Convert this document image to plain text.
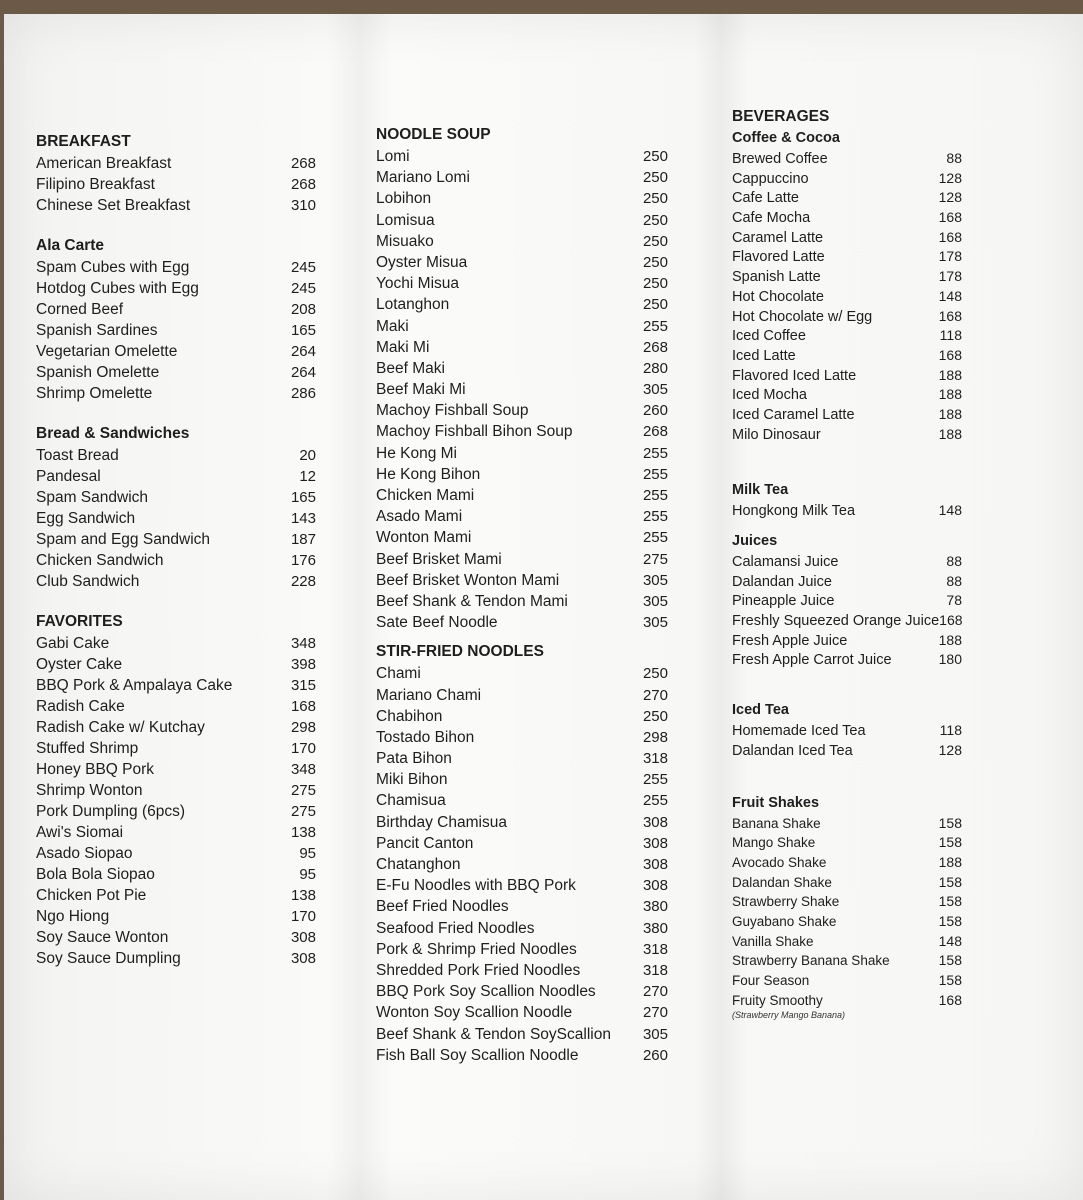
BREAKFAST
American Breakfast	268
Filipino Breakfast	268
Chinese Set Breakfast	310
Ala Carte
Spam Cubes with Egg	245
Hotdog Cubes with Egg	245
Corned Beef	208
Spanish Sardines	165
Vegetarian Omelette	264
Spanish Omelette	264
Shrimp Omelette	286
Bread & Sandwiches
Toast Bread	20
Pandesal	12
Spam Sandwich	165
Egg Sandwich	143
Spam and Egg Sandwich	187
Chicken Sandwich	176
Club Sandwich	228
FAVORITES
Gabi Cake	348
Oyster Cake	398
BBQ Pork & Ampalaya Cake	315
Radish Cake	168
Radish Cake w/ Kutchay	298
Stuffed Shrimp	170
Honey BBQ Pork	348
Shrimp Wonton	275
Pork Dumpling (6pcs)	275
Awi's Siomai	138
Asado Siopao	95
Bola Bola Siopao	95
Chicken Pot Pie	138
Ngo Hiong	170
Soy Sauce Wonton	308
Soy Sauce Dumpling	308
NOODLE SOUP
Lomi	250
Mariano Lomi	250
Lobihon	250
Lomisua	250
Misuako	250
Oyster Misua	250
Yochi Misua	250
Lotanghon	250
Maki	255
Maki Mi	268
Beef Maki	280
Beef Maki Mi	305
Machoy Fishball Soup	260
Machoy Fishball Bihon Soup	268
He Kong Mi	255
He Kong Bihon	255
Chicken Mami	255
Asado Mami	255
Wonton Mami	255
Beef Brisket Mami	275
Beef Brisket Wonton Mami	305
Beef Shank & Tendon Mami	305
Sate Beef Noodle	305
STIR-FRIED NOODLES
Chami	250
Mariano Chami	270
Chabihon	250
Tostado Bihon	298
Pata Bihon	318
Miki Bihon	255
Chamisua	255
Birthday Chamisua	308
Pancit Canton	308
Chatanghon	308
E-Fu Noodles with BBQ Pork	308
Beef Fried Noodles	380
Seafood Fried Noodles	380
Pork & Shrimp Fried Noodles	318
Shredded Pork Fried Noodles	318
BBQ Pork Soy Scallion Noodles	270
Wonton Soy Scallion Noodle	270
Beef Shank & Tendon SoyScallion 305
Fish Ball Soy Scallion Noodle	260
BEVERAGES
Coffee & Cocoa
Brewed Coffee	88
Cappuccino	128
Cafe Latte	128
Cafe Mocha	168
Caramel Latte	168
Flavored Latte	178
Spanish Latte	178
Hot Chocolate	148
Hot Chocolate w/ Egg	168
Iced Coffee	118
Iced Latte	168
Flavored Iced Latte	188
Iced Mocha	188
Iced Caramel Latte	188
Milo Dinosaur	188
Milk Tea
Hongkong Milk Tea	148
Juices
Calamansi Juice	88
Dalandan Juice	88
Pineapple Juice	78
Freshly Squeezed Orange Juice 168
Fresh Apple Juice	188
Fresh Apple Carrot Juice	180
Iced Tea
Homemade Iced Tea	118
Dalandan Iced Tea	128
Fruit Shakes
Banana Shake	158
Mango Shake	158
Avocado Shake	188
Dalandan Shake	158
Strawberry Shake	158
Guyabano Shake	158
Vanilla Shake	148
Strawberry Banana Shake	158
Four Season	158
Fruity Smoothy	168
(Strawberry Mango Banana)
